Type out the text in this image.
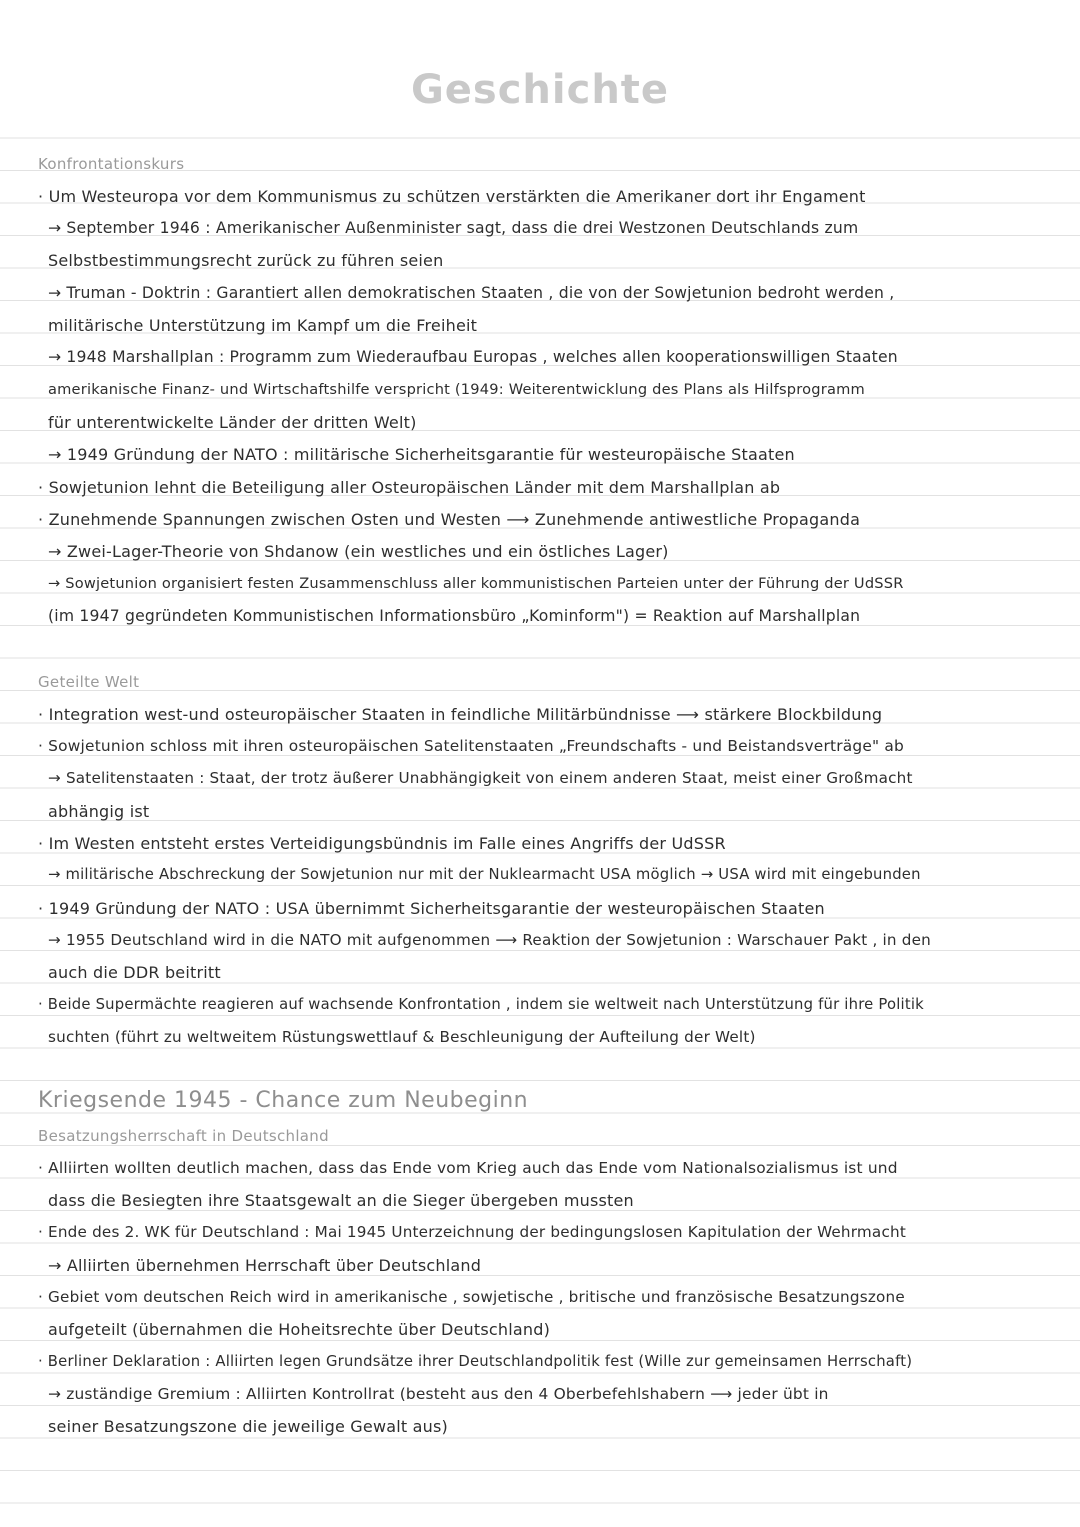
Geschichte
Konfrontationskurs
· Um Westeuropa vor dem Kommunismus zu schützen verstärkten die Amerikaner dort ihr Engament
→ September 1946 : Amerikanischer Außenminister sagt, dass die drei Westzonen Deutschlands zum
Selbstbestimmungsrecht zurück zu führen seien
→ Truman - Doktrin : Garantiert allen demokratischen Staaten , die von der Sowjetunion bedroht werden ,
militärische Unterstützung im Kampf um die Freiheit
→ 1948 Marshallplan : Programm zum Wiederaufbau Europas , welches allen kooperationswilligen Staaten
amerikanische Finanz- und Wirtschaftshilfe verspricht (1949: Weiterentwicklung des Plans als Hilfsprogramm
für unterentwickelte Länder der dritten Welt)
→ 1949 Gründung der NATO : militärische Sicherheitsgarantie für westeuropäische Staaten
· Sowjetunion lehnt die Beteiligung aller Osteuropäischen Länder mit dem Marshallplan ab
· Zunehmende Spannungen zwischen Osten und Westen ⟶ Zunehmende antiwestliche Propaganda
→ Zwei-Lager-Theorie von Shdanow (ein westliches und ein östliches Lager)
→ Sowjetunion organisiert festen Zusammenschluss aller kommunistischen Parteien unter der Führung der UdSSR
(im 1947 gegründeten Kommunistischen Informationsbüro „Kominform") = Reaktion auf Marshallplan
Geteilte Welt
· Integration west-und osteuropäischer Staaten in feindliche Militärbündnisse ⟶ stärkere Blockbildung
· Sowjetunion schloss mit ihren osteuropäischen Satelitenstaaten „Freundschafts - und Beistandsverträge" ab
→ Satelitenstaaten : Staat, der trotz äußerer Unabhängigkeit von einem anderen Staat, meist einer Großmacht
abhängig ist
· Im Westen entsteht erstes Verteidigungsbündnis im Falle eines Angriffs der UdSSR
→ militärische Abschreckung der Sowjetunion nur mit der Nuklearmacht USA möglich → USA wird mit eingebunden
· 1949 Gründung der NATO : USA übernimmt Sicherheitsgarantie der westeuropäischen Staaten
→ 1955 Deutschland wird in die NATO mit aufgenommen ⟶ Reaktion der Sowjetunion : Warschauer Pakt , in den
auch die DDR beitritt
· Beide Supermächte reagieren auf wachsende Konfrontation , indem sie weltweit nach Unterstützung für ihre Politik
suchten (führt zu weltweitem Rüstungswettlauf & Beschleunigung der Aufteilung der Welt)
Kriegsende 1945 - Chance zum Neubeginn
Besatzungsherrschaft in Deutschland
· Alliirten wollten deutlich machen, dass das Ende vom Krieg auch das Ende vom Nationalsozialismus ist und
dass die Besiegten ihre Staatsgewalt an die Sieger übergeben mussten
· Ende des 2. WK für Deutschland : Mai 1945 Unterzeichnung der bedingungslosen Kapitulation der Wehrmacht
→ Alliirten übernehmen Herrschaft über Deutschland
· Gebiet vom deutschen Reich wird in amerikanische , sowjetische , britische und französische Besatzungszone
aufgeteilt (übernahmen die Hoheitsrechte über Deutschland)
· Berliner Deklaration : Alliirten legen Grundsätze ihrer Deutschlandpolitik fest (Wille zur gemeinsamen Herrschaft)
→ zuständige Gremium : Alliirten Kontrollrat (besteht aus den 4 Oberbefehlshabern ⟶ jeder übt in
seiner Besatzungszone die jeweilige Gewalt aus)
